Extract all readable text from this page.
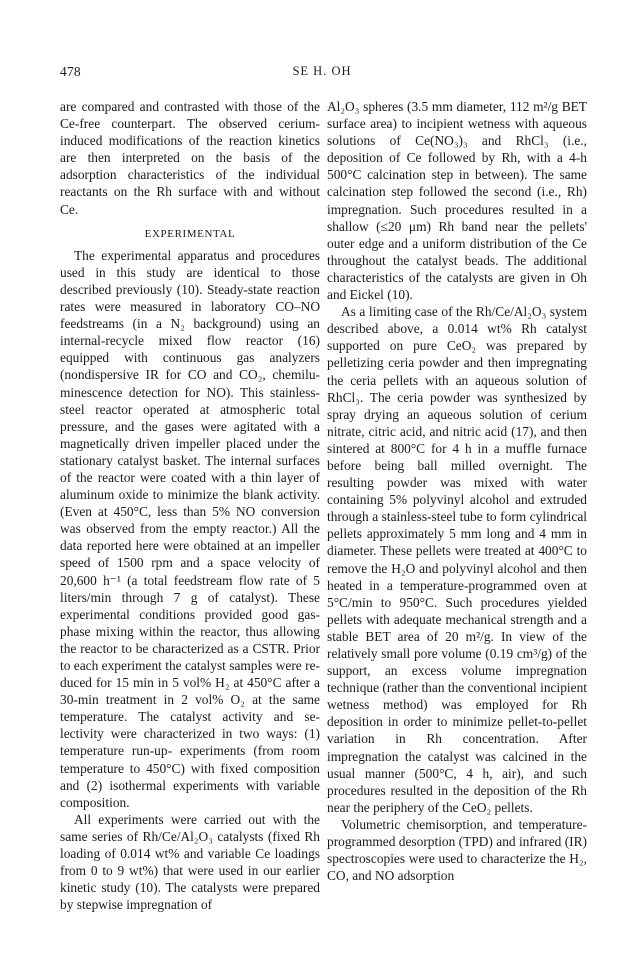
478	SE H. OH

are compared and contrasted with those of the Ce-free counterpart. The observed cerium-induced modifications of the reaction kinetics are then interpreted on the basis of the adsorption characteristics of the individual reactants on the Rh surface with and without Ce.

EXPERIMENTAL

The experimental apparatus and procedures used in this study are identical to those described previously (10). Steady-state reaction rates were measured in laboratory CO–NO feedstreams (in a N₂ background) using an internal-recycle mixed flow reactor (16) equipped with continuous gas analyzers (nondispersive IR for CO and CO₂, chemiluminescence detection for NO). This stainless-steel reactor operated at atmospheric total pressure, and the gases were agitated with a magnetically driven impeller placed under the stationary catalyst basket. The internal surfaces of the reactor were coated with a thin layer of aluminum oxide to minimize the blank activity. (Even at 450°C, less than 5% NO conversion was observed from the empty reactor.) All the data reported here were obtained at an impeller speed of 1500 rpm and a space velocity of 20,600 h⁻¹ (a total feedstream flow rate of 5 liters/min through 7 g of catalyst). These experimental conditions provided good gas-phase mixing within the reactor, thus allowing the reactor to be characterized as a CSTR. Prior to each experiment the catalyst samples were reduced for 15 min in 5 vol% H₂ at 450°C after a 30-min treatment in 2 vol% O₂ at the same temperature. The catalyst activity and selectivity were characterized in two ways: (1) temperature run-up- experiments (from room temperature to 450°C) with fixed composition and (2) isothermal experiments with variable composition.

All experiments were carried out with the same series of Rh/Ce/Al₂O₃ catalysts (fixed Rh loading of 0.014 wt% and variable Ce loadings from 0 to 9 wt%) that were used in our earlier kinetic study (10). The catalysts were prepared by stepwise impregnation of

Al₂O₃ spheres (3.5 mm diameter, 112 m²/g BET surface area) to incipient wetness with aqueous solutions of Ce(NO₃)₃ and RhCl₃ (i.e., deposition of Ce followed by Rh, with a 4-h 500°C calcination step in between). The same calcination step followed the second (i.e., Rh) impregnation. Such procedures resulted in a shallow (≤20 μm) Rh band near the pellets' outer edge and a uniform distribution of the Ce throughout the catalyst beads. The additional characteristics of the catalysts are given in Oh and Eickel (10).

As a limiting case of the Rh/Ce/Al₂O₃ system described above, a 0.014 wt% Rh catalyst supported on pure CeO₂ was prepared by pelletizing ceria powder and then impregnating the ceria pellets with an aqueous solution of RhCl₃. The ceria powder was synthesized by spray drying an aqueous solution of cerium nitrate, citric acid, and nitric acid (17), and then sintered at 800°C for 4 h in a muffle furnace before being ball milled overnight. The resulting powder was mixed with water containing 5% polyvinyl alcohol and extruded through a stainless-steel tube to form cylindrical pellets approximately 5 mm long and 4 mm in diameter. These pellets were treated at 400°C to remove the H₂O and polyvinyl alcohol and then heated in a temperature-programmed oven at 5°C/min to 950°C. Such procedures yielded pellets with adequate mechanical strength and a stable BET area of 20 m²/g. In view of the relatively small pore volume (0.19 cm³/g) of the support, an excess volume impregnation technique (rather than the conventional incipient wetness method) was employed for Rh deposition in order to minimize pellet-to-pellet variation in Rh concentration. After impregnation the catalyst was calcined in the usual manner (500°C, 4 h, air), and such procedures resulted in the deposition of the Rh near the periphery of the CeO₂ pellets.

Volumetric chemisorption, and temperature-programmed desorption (TPD) and infrared (IR) spectroscopies were used to characterize the H₂, CO, and NO adsorption
